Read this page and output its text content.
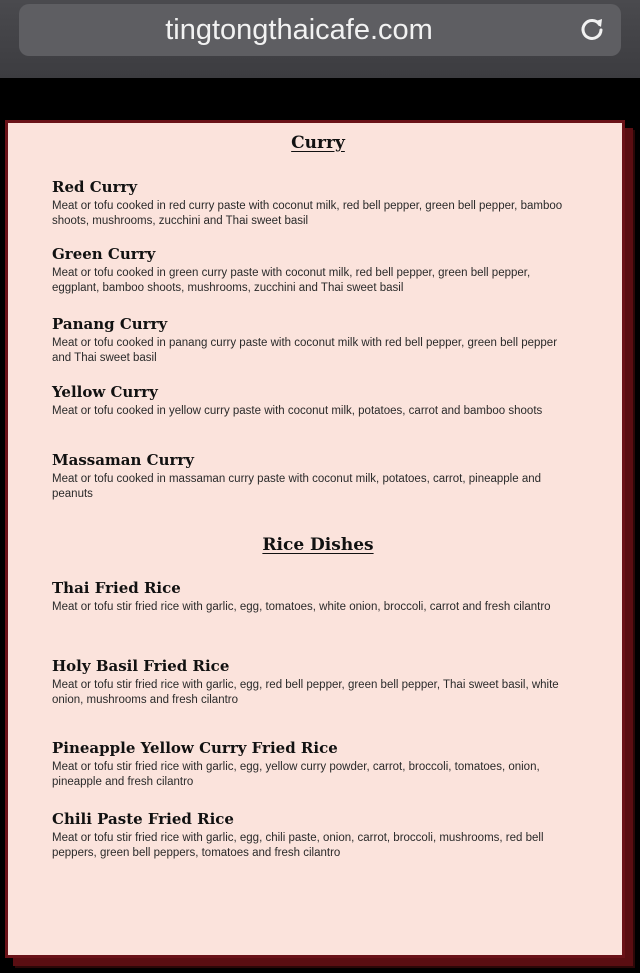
tingtongthaicafe.com
Curry

Red Curry

Meat or tofu cooked in red curry paste with coconut milk, red bell pepper, green bell pepper, bamboo shoots, mushrooms, zucchini and Thai sweet basil

Green Curry

Meat or tofu cooked in green curry paste with coconut milk, red bell pepper, green bell pepper, eggplant, bamboo shoots, mushrooms, zucchini and Thai sweet basil

Panang Curry

Meat or tofu cooked in panang curry paste with coconut milk with red bell pepper, green bell pepper and Thai sweet basil

Yellow Curry

Meat or tofu cooked in yellow curry paste with coconut milk, potatoes, carrot and bamboo shoots

Massaman Curry

Meat or tofu cooked in massaman curry paste with coconut milk, potatoes, carrot, pineapple and peanuts

Rice Dishes

Thai Fried Rice

Meat or tofu stir fried rice with garlic, egg, tomatoes, white onion, broccoli, carrot and fresh cilantro

Holy Basil Fried Rice

Meat or tofu stir fried rice with garlic, egg, red bell pepper, green bell pepper, Thai sweet basil, white onion, mushrooms and fresh cilantro

Pineapple Yellow Curry Fried Rice

Meat or tofu stir fried rice with garlic, egg, yellow curry powder, carrot, broccoli, tomatoes, onion, pineapple and fresh cilantro

Chili Paste Fried Rice

Meat or tofu stir fried rice with garlic, egg, chili paste, onion, carrot, broccoli, mushrooms, red bell peppers, green bell peppers, tomatoes and fresh cilantro
